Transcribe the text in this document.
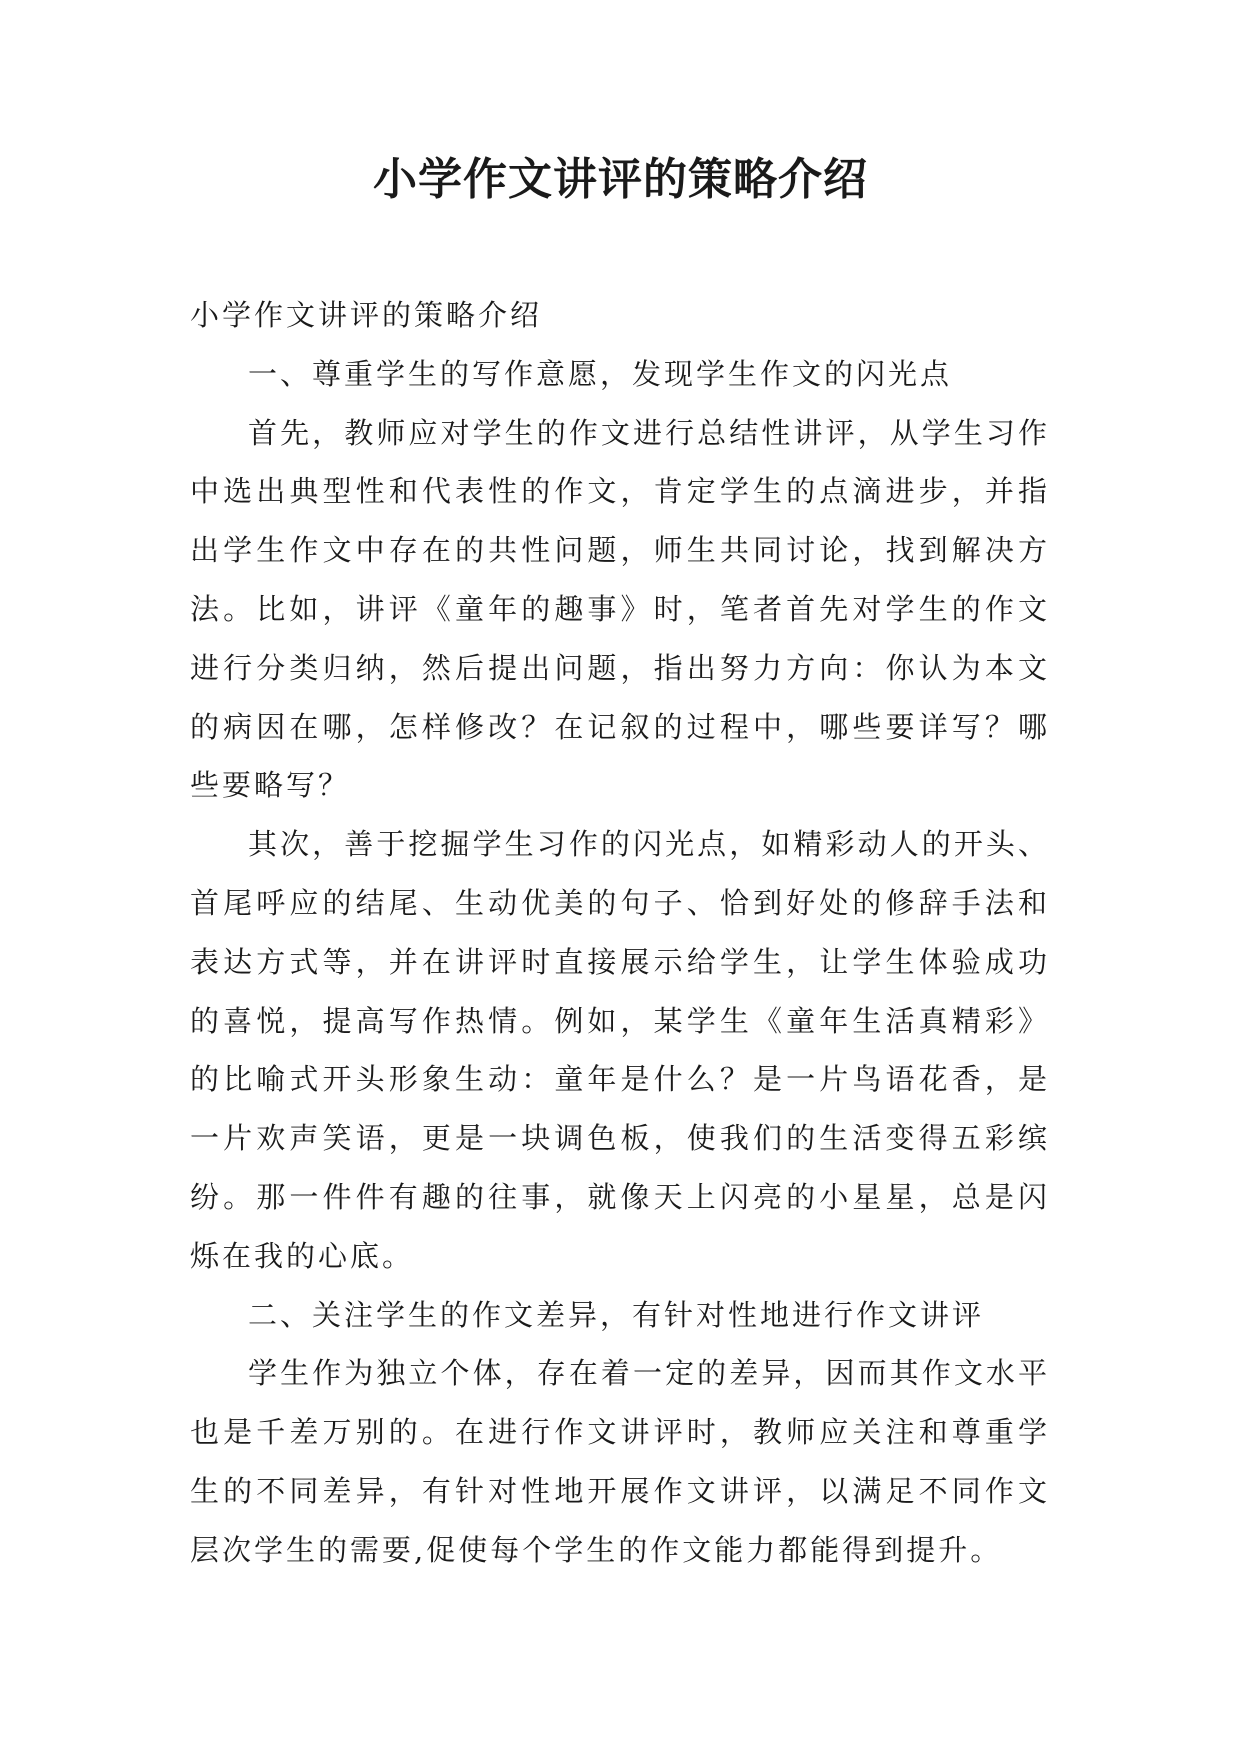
小学作文讲评的策略介绍

小学作文讲评的策略介绍

一、尊重学生的写作意愿，发现学生作文的闪光点

首先，教师应对学生的作文进行总结性讲评，从学生习作中选出典型性和代表性的作文，肯定学生的点滴进步，并指出学生作文中存在的共性问题，师生共同讨论，找到解决方法。比如，讲评《童年的趣事》时，笔者首先对学生的作文进行分类归纳，然后提出问题，指出努力方向：你认为本文的病因在哪，怎样修改？在记叙的过程中，哪些要详写？哪些要略写？

其次，善于挖掘学生习作的闪光点，如精彩动人的开头、首尾呼应的结尾、生动优美的句子、恰到好处的修辞手法和表达方式等，并在讲评时直接展示给学生，让学生体验成功的喜悦，提高写作热情。例如，某学生《童年生活真精彩》的比喻式开头形象生动：童年是什么？是一片鸟语花香，是一片欢声笑语，更是一块调色板，使我们的生活变得五彩缤纷。那一件件有趣的往事，就像天上闪亮的小星星，总是闪烁在我的心底。

二、关注学生的作文差异，有针对性地进行作文讲评

学生作为独立个体，存在着一定的差异，因而其作文水平也是千差万别的。在进行作文讲评时，教师应关注和尊重学生的不同差异，有针对性地开展作文讲评，以满足不同作文层次学生的需要,促使每个学生的作文能力都能得到提升。
